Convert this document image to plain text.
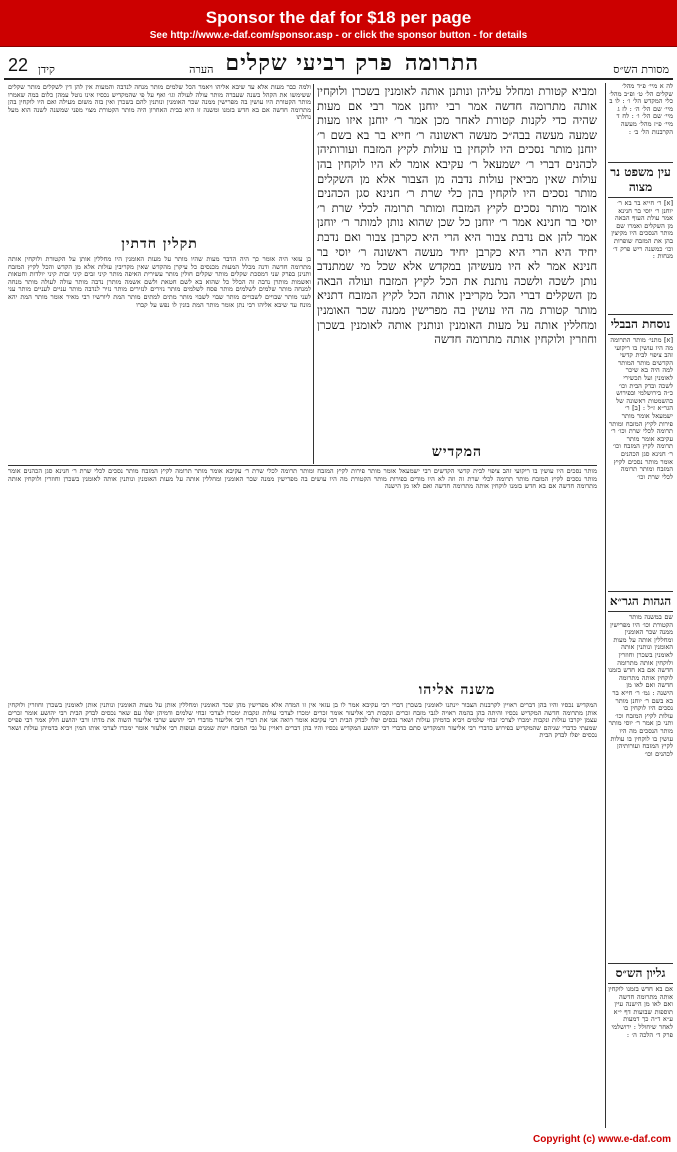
Sponsor the daf for $18 per page
See http://www.e-daf.com/sponsor.asp - or click the sponsor button - for details
מסורת הש״ס
התרומה
פרק רביעי שקלים
הערה
קידן
22
לה א מיי׳ פ״ד מהל׳ שקלים הל׳ ט׳ ופ״ב מהל׳ כלי המקדש הל׳ ו׳ : לו ב מיי׳ שם הל׳ ה׳ : לז ג מיי׳ שם הל׳ ו׳ : לח ד מיי׳ פ״ז מהל׳ מעשה הקרבנות הל׳ ב׳ :
עין משפט נר מצוה
[א] ר׳ חייא בר בא ר׳ יוחנן ר׳ יוסי בר חנינא אמר עולת העוף הבאה מן השקלים ואמרו שם מותר הנסכים היו מקיצין בהן את המזבח שופרות וכו׳ כמשנה ריש פרק ד׳ מנחות :
נוסחת הבבלי
[א] מתני׳ מותר התרומה מה היו עושין בו ריקועי זהב ציפוי לבית קדשי הקדשים מותר המותר למה היה בא שיכר לאומנין ועל תכשירי לשכה ובדק הבית וכו׳ כ״ה בירושלמי ובפירוש בהשמטות ראשונה של הגר״א ז״ל : [ב] ר׳ ישמעאל אומר מותר פירות לקיץ המזבח ומותר תרומה לכלי שרת וכו׳ ר׳ עקיבא אומר מותר תרומה לקיץ המזבח וכו׳ ר׳ חנינא סגן הכהנים אומר מותר נסכים לקיץ המזבח ומותר תרומה לכלי שרת וכו׳
הגהות הגר״א
שם במשנה מותר הקטורת וכו׳ היו מפרישין ממנה שכר האומנין ומחללין אותה על מעות האומנין ונותנין אותה לאומנין בשכרן וחוזרין ולוקחין אותה מתרומה חדשה אם בא חדש בזמנו לוקחין אותה מתרומה חדשה ואם לאו מן הישנה : גמ׳ ר׳ חייא בר בא בשם ר׳ יוחנן מותר נסכים היו לוקחין בו עולות לקיץ המזבח וכו׳ ותני כן אמר ר׳ יוסי מותר מותר הנסכים מה היו עושין בו לוקחין בו עולות לקיץ המזבח ועורותיהן לכהנים וכו׳
גליון הש״ס
אם בא חדש בזמנו לוקחין אותה מתרומה חדשה ואם לאו מן הישנה עיין תוספות שבועות דף י״א ע״א ד״ה כך דמעות לאחר שיחולל : ירושלמי פרק ד׳ הלכה ה׳ :
ומביא קטורת ומחלל עליהן ונותנן אותה לאומנין בשכרן ולוקחין אותה מתרומה חדשה אמר רבי יוחנן אמר רבי אם מעות שהיה כדי לקנות קטורת לאחר מכן אמר ר׳ יוחנן איזו מעות שמעה מעשה בבה״כ מעשה ראשונה ר׳ חייא בר בא בשם ר׳ יוחנן מותר נסכים היו לוקחין בו עולות לקיץ המזבח ועורותיהן לכהנים דברי ר׳ ישמעאל ר׳ עקיבא אומר לא היו לוקחין בהן עולות שאין מביאין עולות נדבה מן הצבור אלא מן השקלים מותר נסכים היו לוקחין בהן כלי שרת ר׳ חנינא סגן הכהנים אומר מותר נסכים לקיץ המזבח ומותר תרומה לכלי שרת ר׳ יוסי בר חנינא אמר ר׳ יוחנן כל שכן שהוא נותן למותר ר׳ יוחנן אמר להן אם נדבת צבור היא הרי היא כקרבן צבור ואם נדבת יחיד היא הרי היא כקרבן יחיד מעשה ראשונה ר׳ יוסי בר חנינא אמר לא היו מעשיהן במקדש אלא שכל מי שמתנדב נותן לשכה ולשכה נותנת את הכל לקיץ המזבח ועולה הבאה מן השקלים דברי הכל מקריבין אותה הכל לקיץ המזבח דתניא מותר קטורת מה היו עושין בה מפרישין ממנה שכר האומנין ומחללין אותה על מעות האומנין ונותנין אותה לאומנין בשכרן וחוזרין ולוקחין אותה מתרומה חדשה
המקדיש
תקלין חדתין
ולמה כבר מעות אלא עד שיבא אליהו ויאמר הכל שלמים מותר מנחה לנדבה והמעות אין להן דין לשקלים מותר שקלים ששימשו את הקהל בשנה שעברה מותר עולה לעולה וגו׳ ואף על פי שהמקדיש נכסיו אינו נוטל עמהן כלום במה שאמרו מותר הקטורת היו עושין בה מפרישין ממנה שכר האומנין ונותנין להם בשכרן ואין בזה משום מעילה ואם היו לוקחין בהן מתרומה חדשה אם בא חדש בזמנו ומשנה זו היא בבית האחרון היה מותר הקטורת מצוי מפני שמשנה לשנה הוא מעל נחלתו
בן עזאי היה אומר כך היה הדבר מעות שהיו מותר על מעות האומנין היו מחללין אותן על הקטורת ולוקחין אותה מתרומה חדשה ודנה מכלל המעות מכנסים כל עיקרן מהקדש שאין מקריבין עולות אלא מן הקדש והכל לקיץ המזבח ותנינן בפרק שני דמסכת שקלים מותר שקלים חולין מותר עשירית האיפה מותר קיני זבים קיני זבות קיני יולדות וחטאות ואשמות מותרן נדבה זה הכלל כל שהוא בא לשם חטאת ולשם אשמה מותרן נדבה מותר עולה לעולה מותר מנחה למנחה מותר שלמים לשלמים מותר פסח לשלמים מותר נזירים לנזירים מותר נזיר לנדבה מותר עניים לעניים מותר עני לעני מותר שבויים לשבויים מותר שבוי לשבוי מותר מתים למתים מותר המת ליורשיו רבי מאיר אומר מותר המת יהא מונח עד שיבא אליהו רבי נתן אומר מותר המת בונין לו נפש על קברו
מותר נסכים היו עושין בו ריקועי זהב ציפוי לבית קדשי הקדשים רבי ישמעאל אומר מותר פירות לקיץ המזבח ומותר תרומה לכלי שרת ר׳ עקיבא אומר מותר תרומה לקיץ המזבח מותר נסכים לכלי שרת ר׳ חנינא סגן הכהנים אומר מותר נסכים לקיץ המזבח מותר תרומה לכלי שרת זה וזה לא היו מודים בפירות מותר הקטורת מה היו עושים בה מפרישין ממנה שכר האומנין ומחללין אותה על מעות האומנין ונותנין אותה לאומנין בשכרן וחוזרין ולוקחין אותה מתרומה חדשה אם בא חדש בזמנו לוקחין אותה מתרומה חדשה ואם לאו מן הישנה
משנה אליהו
המקדיש נכסיו והיו בהן דברים ראויין לקרבנות הצבור יינתנו לאומנין בשכרן דברי רבי עקיבא אמר לו בן עזאי אין זו המדה אלא מפרישין מהן שכר האומנין ומחללין אותן על מעות האומנין ונותנין אותן לאומנין בשכרן וחוזרין ולוקחין אותן מתרומה חדשה המקדיש נכסיו והיתה בהן בהמה ראויה לגבי מזבח זכרים ונקבות רבי אליעזר אומר זכרים ימכרו לצרכי עולות ונקבות ימכרו לצרכי זבחי שלמים ודמיהן יפלו עם שאר נכסים לבדק הבית רבי יהושע אומר זכרים עצמן יקרבו עולות ונקבות ימכרו לצרכי זבחי שלמים ויביא בדמיהן עולות ושאר נכסים יפלו לבדק הבית רבי עקיבא אומר רואה אני את דברי רבי אליעזר מדברי רבי יהושע שרבי אליעזר השוה את מדתו ורבי יהושע חלק אמר רבי פפייס שמעתי כדברי שניהם שהמקדיש בפירוש כדברי רבי אליעזר והמקדיש סתם כדברי רבי יהושע המקדיש נכסיו והיו בהן דברים ראויין על גבי המזבח יינות שמנים ועופות רבי אלעזר אומר ימכרו לצרכי אותו המין ויביא בדמיהן עולות ושאר נכסים יפלו לבדק הבית
Copyright (c) www.e-daf.com
